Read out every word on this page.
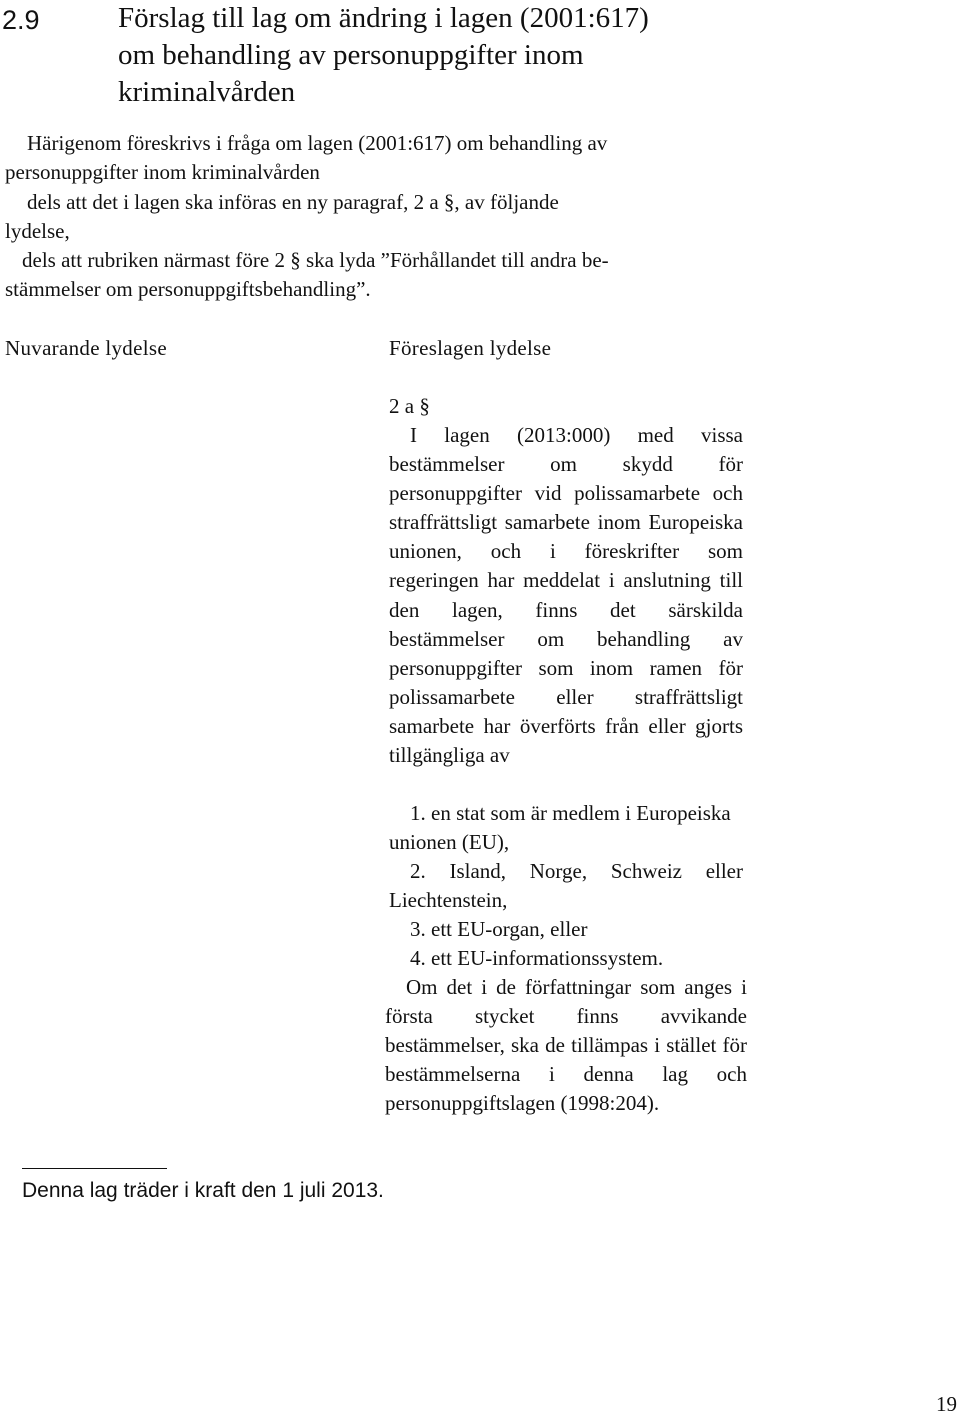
2.9	Förslag till lag om ändring i lagen (2001:617)
om behandling av personuppgifter inom
kriminalvården
Härigenom föreskrivs i fråga om lagen (2001:617) om behandling av
personuppgifter inom kriminalvården
dels att det i lagen ska införas en ny paragraf, 2 a §, av följande
lydelse,
dels att rubriken närmast före 2 § ska lyda ”Förhållandet till andra be-
stämmelser om personuppgiftsbehandling”.
Nuvarande lydelse	Föreslagen lydelse
2 a §
I lagen (2013:000) med vissa bestämmelser om skydd för personuppgifter vid polissamarbete och straffrättsligt samarbete inom Europeiska unionen, och i föreskrifter som regeringen har meddelat i anslutning till den lagen, finns det särskilda bestämmelser om behandling av personuppgifter som inom ramen för polissamarbete eller straffrättsligt samarbete har överförts från eller gjorts tillgängliga av
1. en stat som är medlem i Europeiska unionen (EU),
2. Island, Norge, Schweiz eller Liechtenstein,
3. ett EU-organ, eller
4. ett EU-informationssystem.
Om det i de författningar som anges i första stycket finns avvikande bestämmelser, ska de tillämpas i stället för bestämmelserna i denna lag och personuppgiftslagen (1998:204).
Denna lag träder i kraft den 1 juli 2013.
19
